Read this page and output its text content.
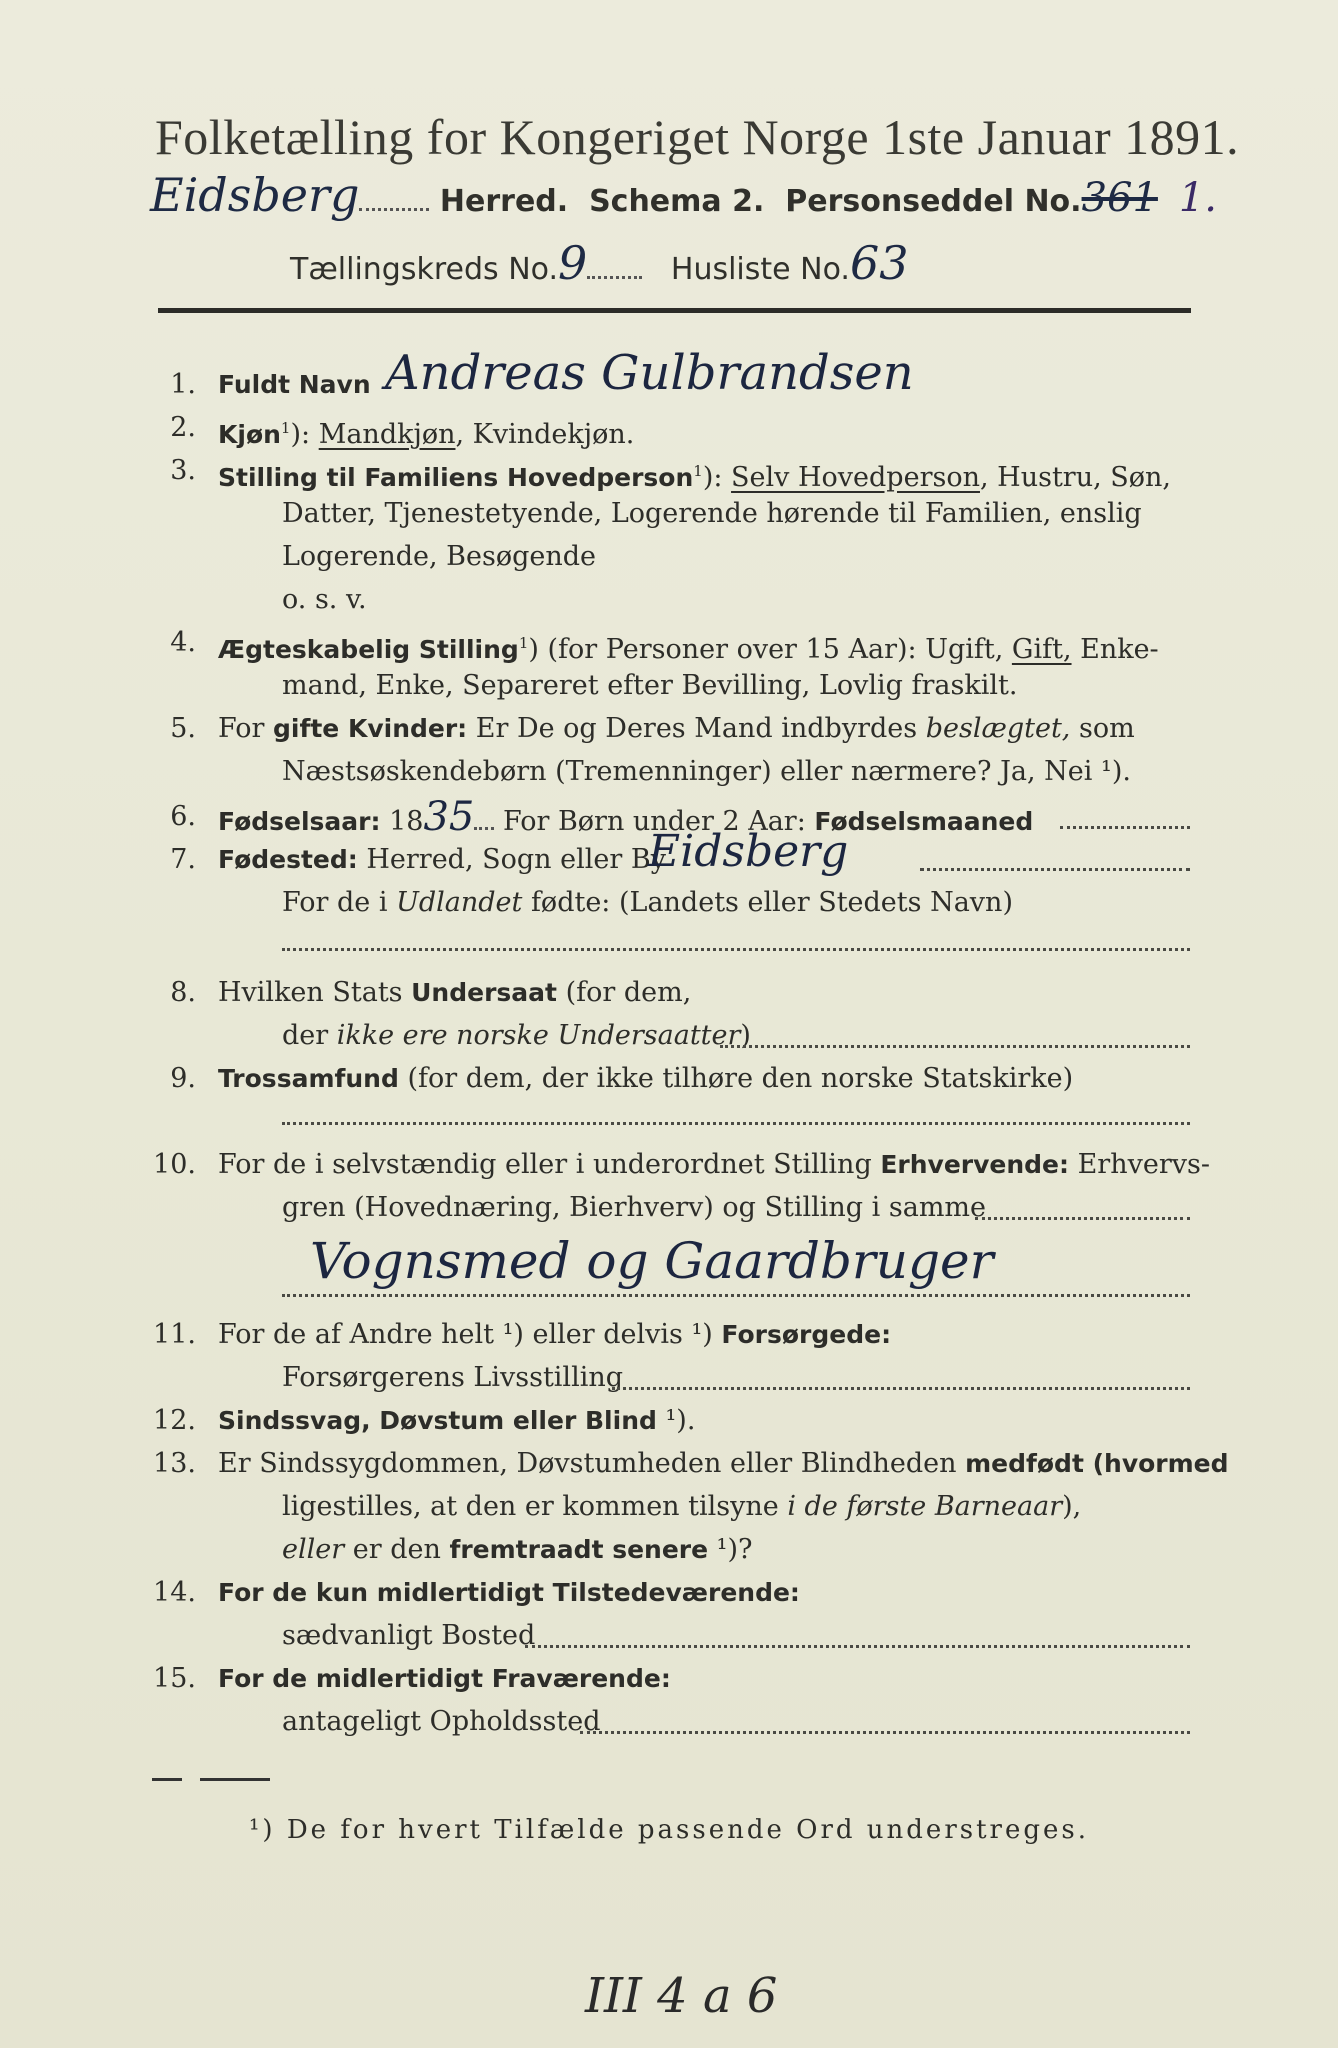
Folketælling for Kongeriget Norge 1ste Januar 1891.
Eidsberg	Herred. Schema 2. Personseddel No.361 1.
Tællingskreds No.9	Husliste No.63
1. Fuldt Navn Andreas Gulbrandsen
2. Kjøn$^1$): Mandkjøn, Kvindekjøn.
3. Stilling til Familiens Hovedperson$^1$): Selv Hovedperson, Hustru, Søn,
Datter, Tjenestetyende, Logerende hørende til Familien, enslig
Logerende, Besøgende
o. s. v.
4. Ægteskabelig Stilling$^1$) (for Personer over 15 Aar): Ugift, Gift, Enke-
mand, Enke, Separeret efter Bevilling, Lovlig fraskilt.
5. For gifte Kvinder: Er De og Deres Mand indbyrdes beslægtet, som
Næstsøskendebørn (Tremenninger) eller nærmere? Ja, Nei ¹).
6. Fødselsaar: 1835 For Børn under 2 Aar: Fødselsmaaned
7. Fødested: Herred, Sogn eller By
Eidsberg
For de i Udlandet fødte: (Landets eller Stedets Navn)
8. Hvilken Stats Undersaat (for dem,
der ikke ere norske Undersaatter)
9. Trossamfund (for dem, der ikke tilhøre den norske Statskirke)
10. For de i selvstændig eller i underordnet Stilling Erhvervende: Erhvervs-
gren (Hovednæring, Bierhverv) og Stilling i samme
Vognsmed og Gaardbruger
11. For de af Andre helt ¹) eller delvis ¹) Forsørgede:
Forsørgerens Livsstilling
12. Sindssvag, Døvstum eller Blind ¹).
13. Er Sindssygdommen, Døvstumheden eller Blindheden medfødt (hvormed
ligestilles, at den er kommen tilsyne i de første Barneaar),
eller er den fremtraadt senere ¹)?
14. For de kun midlertidigt Tilstedeværende:
sædvanligt Bosted
15. For de midlertidigt Fraværende:
antageligt Opholdssted
¹) De for hvert Tilfælde passende Ord understreges.
III 4 a 6
